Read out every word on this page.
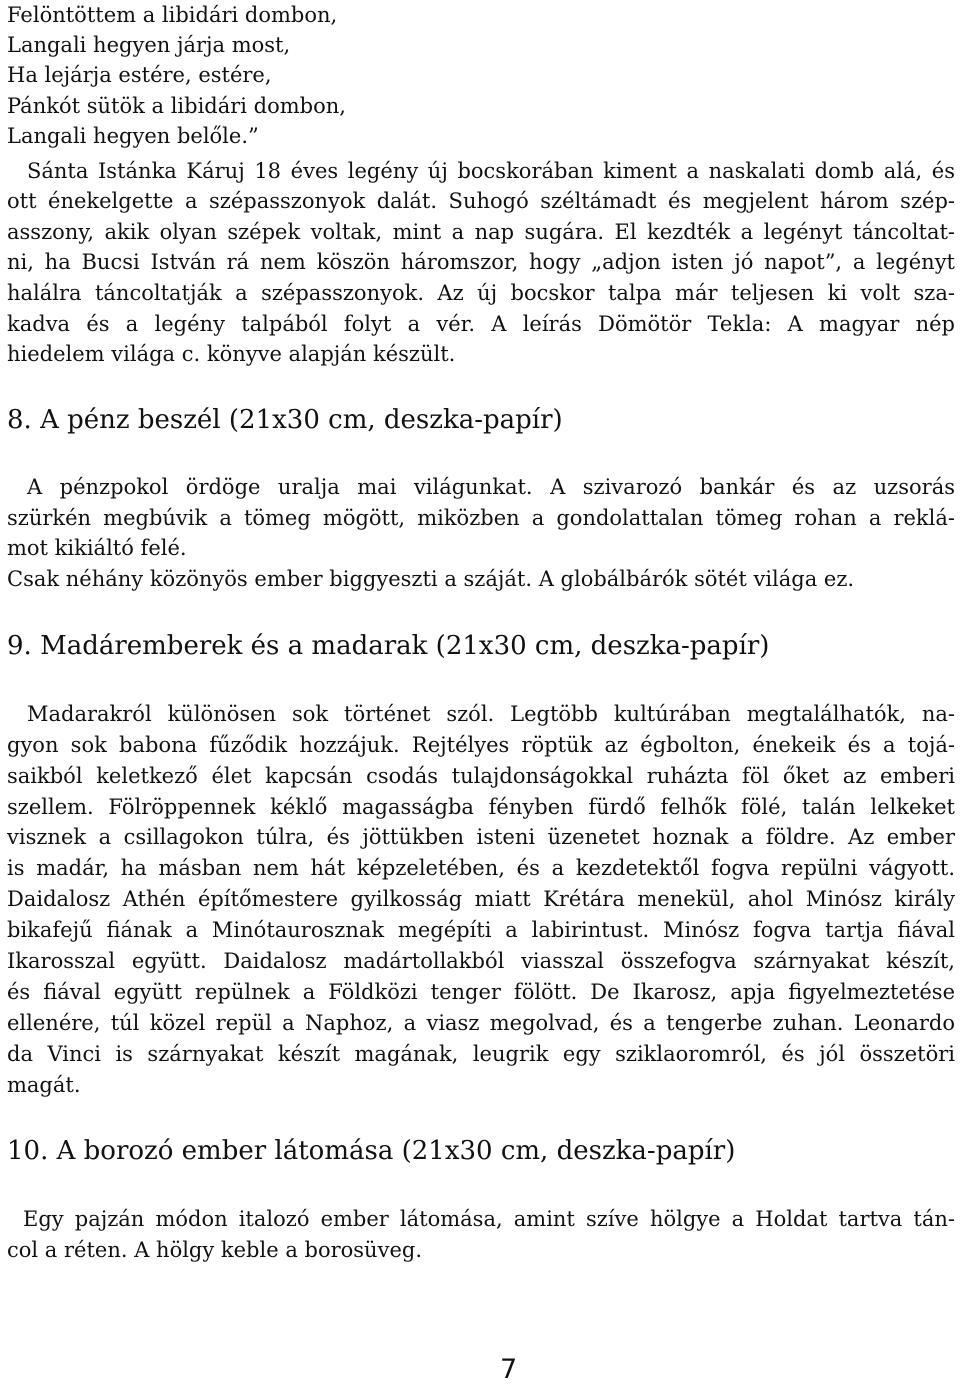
Felöntöttem a libidári dombon,
Langali hegyen járja most,
Ha lejárja estére, estére,
Pánkót sütök a libidári dombon,
Langali hegyen belőle.”
Sánta Istánka Káruj 18 éves legény új bocskorában kiment a naskalati domb alá, és
ott énekelgette a szépasszonyok dalát. Suhogó széltámadt és megjelent három szép-
asszony, akik olyan szépek voltak, mint a nap sugára. El kezdték a legényt táncoltat-
ni, ha Bucsi István rá nem köszön háromszor, hogy „adjon isten jó napot”, a legényt
halálra táncoltatják a szépasszonyok. Az új bocskor talpa már teljesen ki volt sza-
kadva és a legény talpából folyt a vér. A leírás Dömötör Tekla: A magyar nép
hiedelem világa c. könyve alapján készült.
8. A pénz beszél (21x30 cm, deszka-papír)
A pénzpokol ördöge uralja mai világunkat. A szivarozó bankár és az uzsorás
szürkén megbúvik a tömeg mögött, miközben a gondolattalan tömeg rohan a reklá-
mot kikiáltó felé.
Csak néhány közönyös ember biggyeszti a száját. A globálbárók sötét világa ez.
9. Madáremberek és a madarak (21x30 cm, deszka-papír)
Madarakról különösen sok történet szól. Legtöbb kultúrában megtalálhatók, na-
gyon sok babona fűződik hozzájuk. Rejtélyes röptük az égbolton, énekeik és a tojá-
saikból keletkező élet kapcsán csodás tulajdonságokkal ruházta föl őket az emberi
szellem. Fölröppennek kéklő magasságba fényben fürdő felhők fölé, talán lelkeket
visznek a csillagokon túlra, és jöttükben isteni üzenetet hoznak a földre. Az ember
is madár, ha másban nem hát képzeletében, és a kezdetektől fogva repülni vágyott.
Daidalosz Athén építőmestere gyilkosság miatt Krétára menekül, ahol Minósz király
bikafejű fiának a Minótaurosznak megépíti a labirintust. Minósz fogva tartja fiával
Ikarosszal együtt. Daidalosz madártollakból viasszal összefogva szárnyakat készít,
és fiával együtt repülnek a Földközi tenger fölött. De Ikarosz, apja figyelmeztetése
ellenére, túl közel repül a Naphoz, a viasz megolvad, és a tengerbe zuhan. Leonardo
da Vinci is szárnyakat készít magának, leugrik egy sziklaoromról, és jól összetöri
magát.
10. A borozó ember látomása (21x30 cm, deszka-papír)
Egy pajzán módon italozó ember látomása, amint szíve hölgye a Holdat tartva tán-
col a réten. A hölgy keble a borosüveg.
7
